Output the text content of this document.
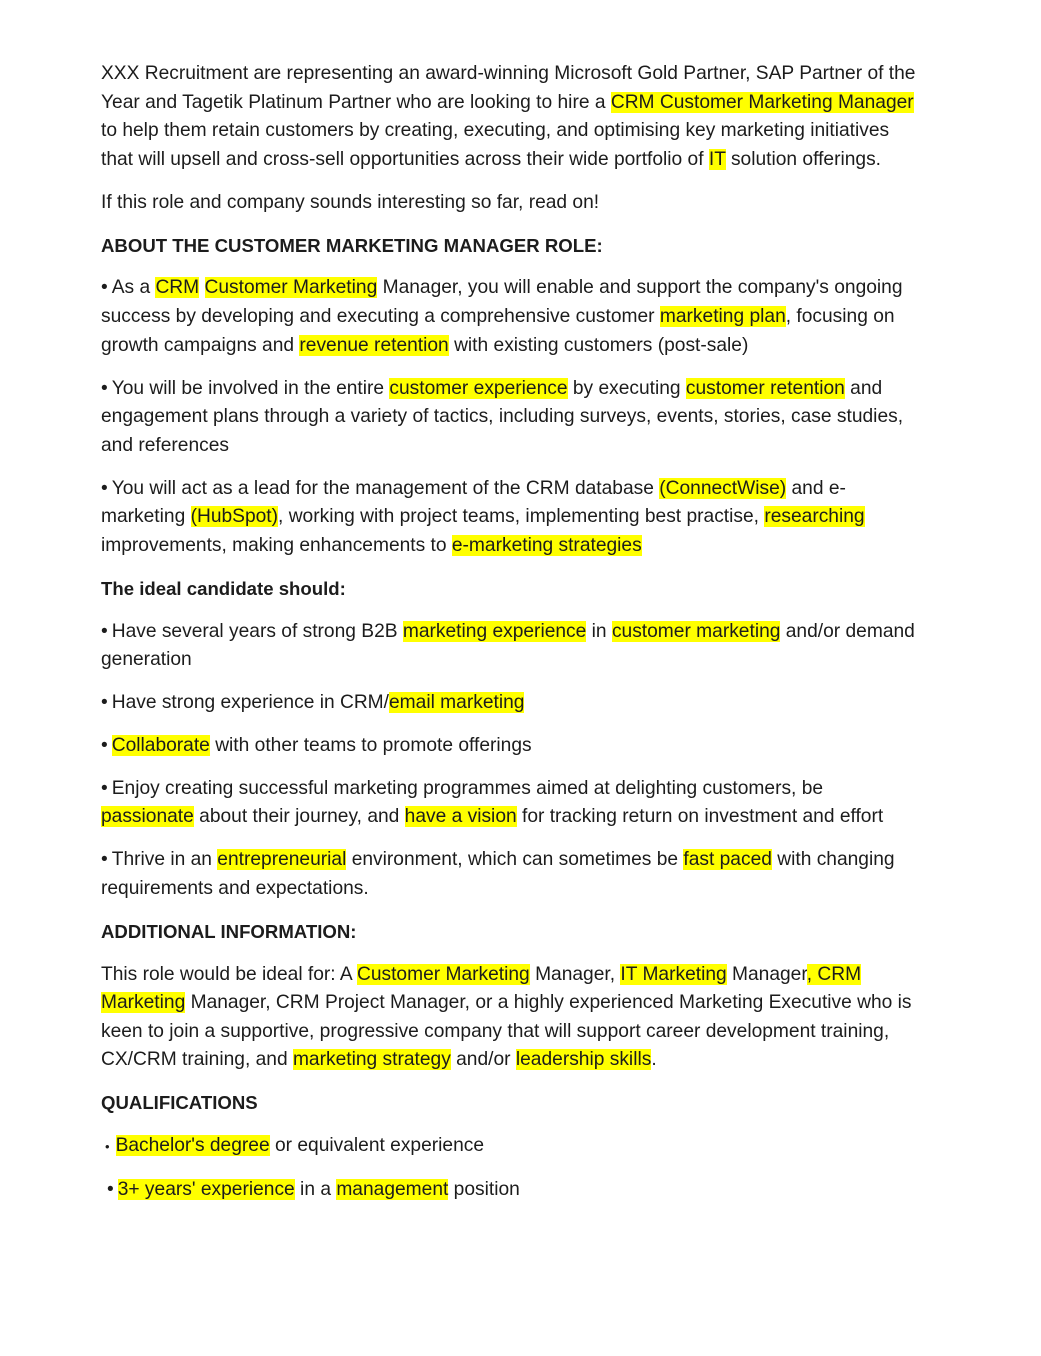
XXX Recruitment are representing an award-winning Microsoft Gold Partner, SAP Partner of the Year and Tagetik Platinum Partner who are looking to hire a CRM Customer Marketing Manager to help them retain customers by creating, executing, and optimising key marketing initiatives that will upsell and cross-sell opportunities across their wide portfolio of IT solution offerings.

If this role and company sounds interesting so far, read on!

ABOUT THE CUSTOMER MARKETING MANAGER ROLE:

• As a CRM Customer Marketing Manager, you will enable and support the company's ongoing success by developing and executing a comprehensive customer marketing plan, focusing on growth campaigns and revenue retention with existing customers (post-sale)

• You will be involved in the entire customer experience by executing customer retention and engagement plans through a variety of tactics, including surveys, events, stories, case studies, and references

• You will act as a lead for the management of the CRM database (ConnectWise) and e-marketing (HubSpot), working with project teams, implementing best practise, researching improvements, making enhancements to e-marketing strategies

The ideal candidate should:

• Have several years of strong B2B marketing experience in customer marketing and/or demand generation

• Have strong experience in CRM/email marketing

• Collaborate with other teams to promote offerings

• Enjoy creating successful marketing programmes aimed at delighting customers, be passionate about their journey, and have a vision for tracking return on investment and effort

• Thrive in an entrepreneurial environment, which can sometimes be fast paced with changing requirements and expectations.

ADDITIONAL INFORMATION:

This role would be ideal for: A Customer Marketing Manager, IT Marketing Manager, CRM Marketing Manager, CRM Project Manager, or a highly experienced Marketing Executive who is keen to join a supportive, progressive company that will support career development training, CX/CRM training, and marketing strategy and/or leadership skills.

QUALIFICATIONS

• Bachelor's degree or equivalent experience

• 3+ years' experience in a management position
